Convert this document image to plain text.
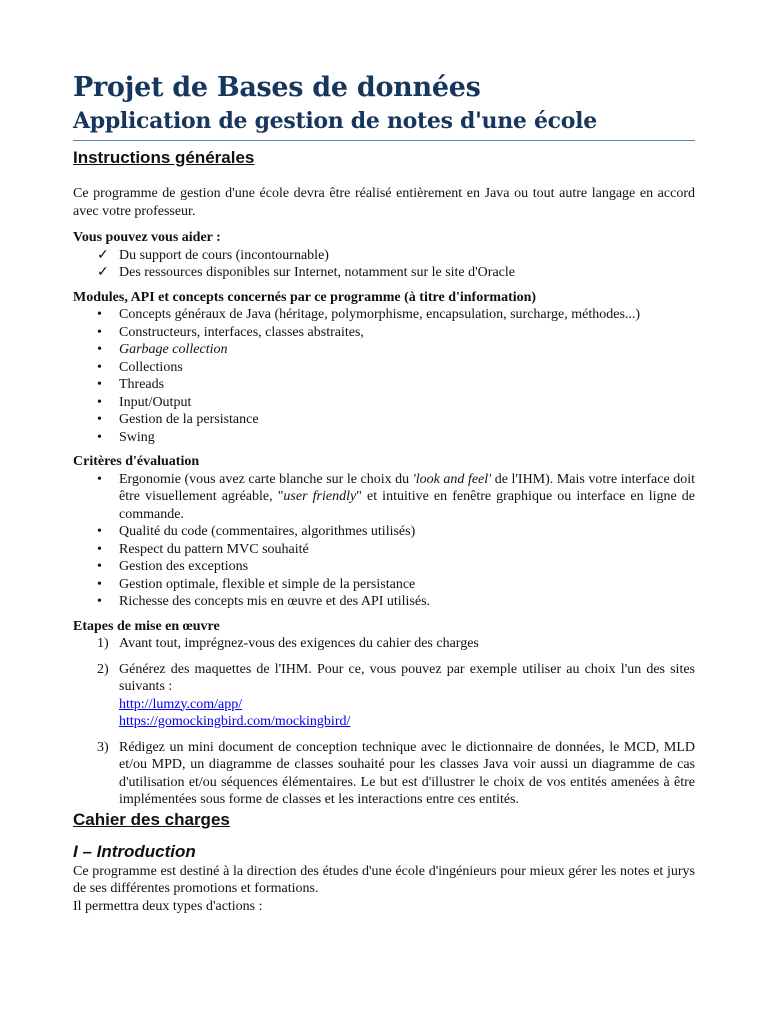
Projet de Bases de données
Application de gestion de notes d'une école
Instructions générales

Ce programme de gestion d'une école devra être réalisé entièrement en Java ou tout autre langage en accord avec votre professeur.

Vous pouvez vous aider :

✓ Du support de cours (incontournable)
✓ Des ressources disponibles sur Internet, notamment sur le site d'Oracle

Modules, API et concepts concernés par ce programme (à titre d'information)

• Concepts généraux de Java (héritage, polymorphisme, encapsulation, surcharge, méthodes...)
• Constructeurs, interfaces, classes abstraites,
• Garbage collection
• Collections
• Threads
• Input/Output
• Gestion de la persistance
• Swing

Critères d'évaluation

• Ergonomie (vous avez carte blanche sur le choix du 'look and feel' de l'IHM). Mais votre interface doit être visuellement agréable, "user friendly" et intuitive en fenêtre graphique ou interface en ligne de commande.
• Qualité du code (commentaires, algorithmes utilisés)
• Respect du pattern MVC souhaité
• Gestion des exceptions
• Gestion optimale, flexible et simple de la persistance
• Richesse des concepts mis en œuvre et des API utilisés.

Etapes de mise en œuvre

1) Avant tout, imprégnez-vous des exigences du cahier des charges
2) Générez des maquettes de l'IHM. Pour ce, vous pouvez par exemple utiliser au choix l'un des sites suivants :
http://lumzy.com/app/
https://gomockingbird.com/mockingbird/
3) Rédigez un mini document de conception technique avec le dictionnaire de données, le MCD, MLD et/ou MPD, un diagramme de classes souhaité pour les classes Java voir aussi un diagramme de cas d'utilisation et/ou séquences élémentaires. Le but est d'illustrer le choix de vos entités amenées à être implémentées sous forme de classes et les interactions entre ces entités.
Cahier des charges
I – Introduction

Ce programme est destiné à la direction des études d'une école d'ingénieurs pour mieux gérer les notes et jurys de ses différentes promotions et formations.

Il permettra deux types d'actions :
